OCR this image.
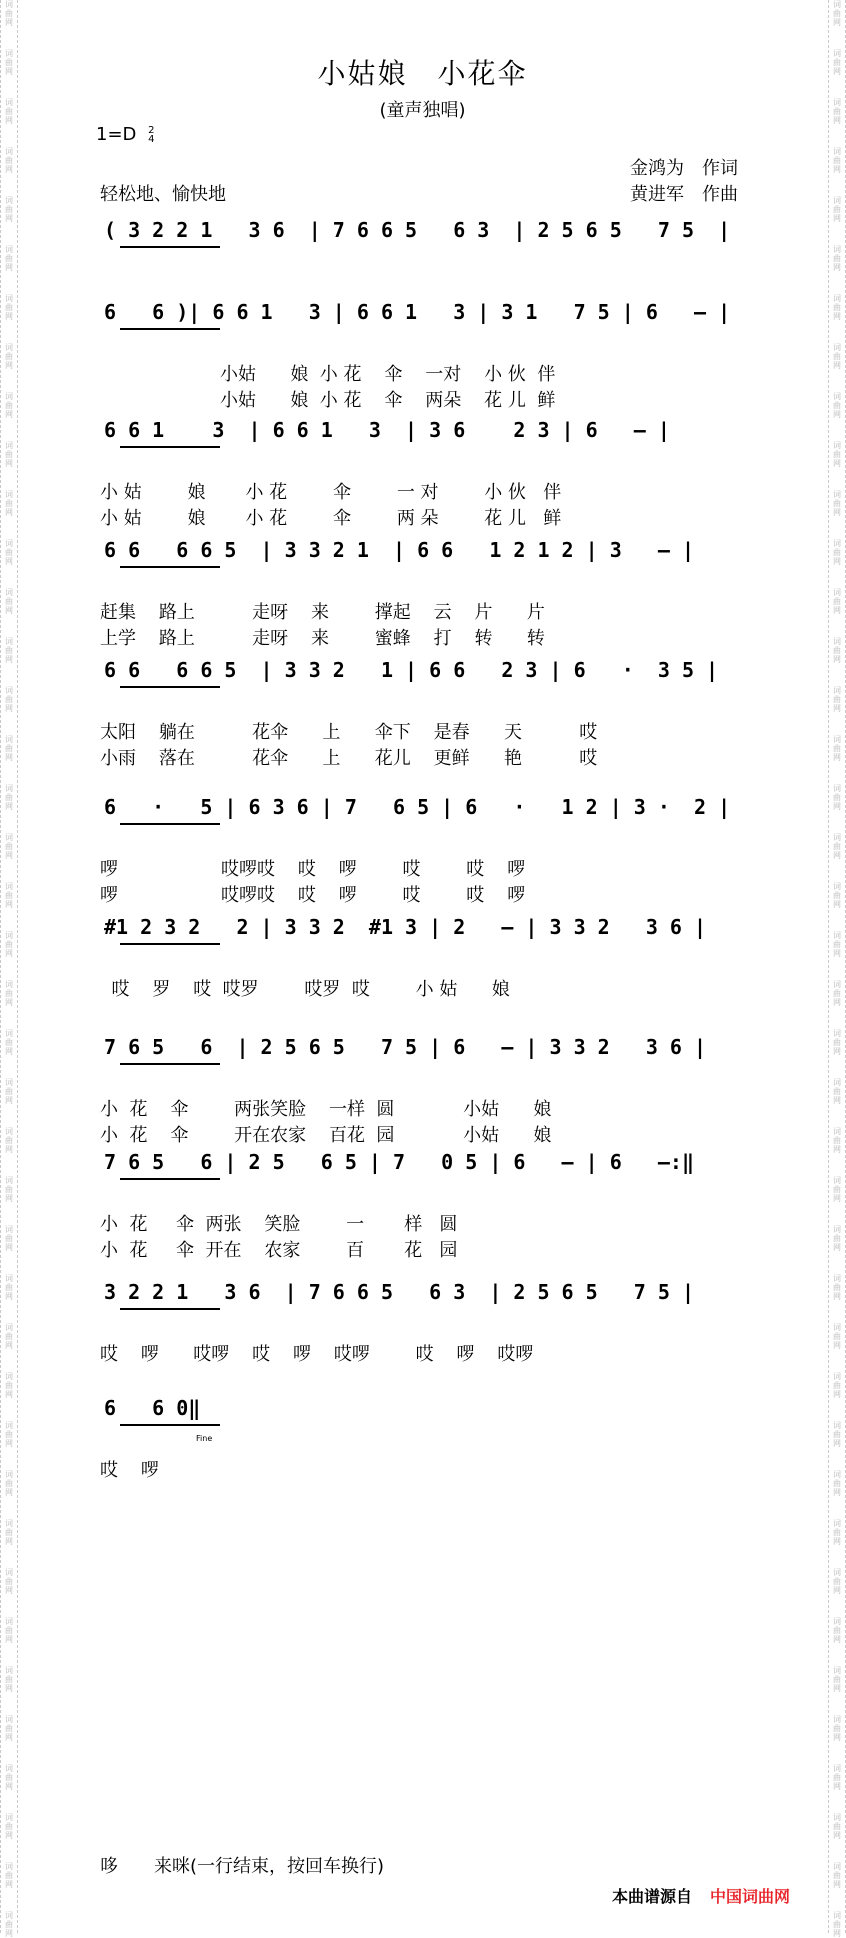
词
曲
网
词
曲
网
词
曲
网
词
曲
网
词
曲
网
词
曲
网
词
曲
网
词
曲
网
词
曲
网
词
曲
网
词
曲
网
词
曲
网
词
曲
网
词
曲
网
词
曲
网
词
曲
网
词
曲
网
词
曲
网
词
曲
网
词
曲
网
词
曲
网
词
曲
网
词
曲
网
词
曲
网
词
曲
网
词
曲
网
词
曲
网
词
曲
网
词
曲
网
词
曲
网
词
曲
网
词
曲
网
词
曲
网
词
曲
网
词
曲
网
词
曲
网
词
曲
网
词
曲
网
词
曲
网
词
曲
网
词
曲
网
词
曲
网
词
曲
网
词
曲
网
词
曲
网
词
曲
网
词
曲
网
词
曲
网
词
曲
网
词
曲
网
词
曲
网
词
曲
网
词
曲
网
词
曲
网
词
曲
网
词
曲
网
词
曲
网
词
曲
网
词
曲
网
词
曲
网
词
曲
网
词
曲
网
词
曲
网
词
曲
网
词
曲
网
词
曲
网
词
曲
网
词
曲
网
词
曲
网
词
曲
网
词
曲
网
词
曲
网
词
曲
网
词
曲
网
词
曲
网
词
曲
网
词
曲
网
词
曲
网
词
曲
网
词
曲
网
小姑娘　小花伞
(童声独唱)
1=D 2
4
金鸿为　作词
轻松地、愉快地	黄进军　作曲
( 3 2 2 1   3 6  | 7 6 6 5   6 3  | 2 5 6 5   7 5  |
6   6 )| 6 6 1   3 | 6 6 1   3 | 3 1   7 5 | 6   — |
小姑      娘  小 花    伞    一对    小 伙  伴
小姑      娘  小 花    伞    两朵    花 儿  鲜
6 6 1    3  | 6 6 1   3  | 3 6    2 3 | 6   — |
小 姑        娘       小 花        伞        一 对        小 伙   伴
小 姑        娘       小 花        伞        两 朵        花 儿   鲜
6 6   6 6 5  | 3 3 2 1  | 6 6   1 2 1 2 | 3   — |
赶集    路上          走呀    来        撑起    云    片      片
上学    路上          走呀    来        蜜蜂    打    转      转
6 6   6 6 5  | 3 3 2   1 | 6 6   2 3 | 6   ·  3 5 |
太阳    躺在          花伞      上      伞下    是春      天          哎
小雨    落在          花伞      上      花儿    更鲜      艳          哎
6   ·   5 | 6 3 6 | 7   6 5 | 6   ·   1 2 | 3 ·  2 |
啰                  哎啰哎    哎    啰        哎        哎    啰
啰                  哎啰哎    哎    啰        哎        哎    啰
#1 2 3 2   2 | 3 3 2  #1 3 | 2   — | 3 3 2   3 6 |
哎    罗    哎  哎罗        哎罗  哎        小 姑      娘
7 6 5   6  | 2 5 6 5   7 5 | 6   — | 3 3 2   3 6 |
小  花    伞        两张笑脸    一样  圆            小姑      娘
小  花    伞        开在农家    百花  园            小姑      娘
7 6 5   6 | 2 5   6 5 | 7   0 5 | 6   — | 6   —:‖
小  花     伞  两张    笑脸        一       样   圆
小  花     伞  开在    农家        百       花   园
3 2 2 1   3 6  | 7 6 6 5   6 3  | 2 5 6 5   7 5 |
哎    啰      哎啰    哎    啰    哎啰        哎    啰    哎啰
6   6 0‖
哎    啰
Fine
哆　　来咪(一行结束，按回车换行)
本曲谱源自 中国词曲网
